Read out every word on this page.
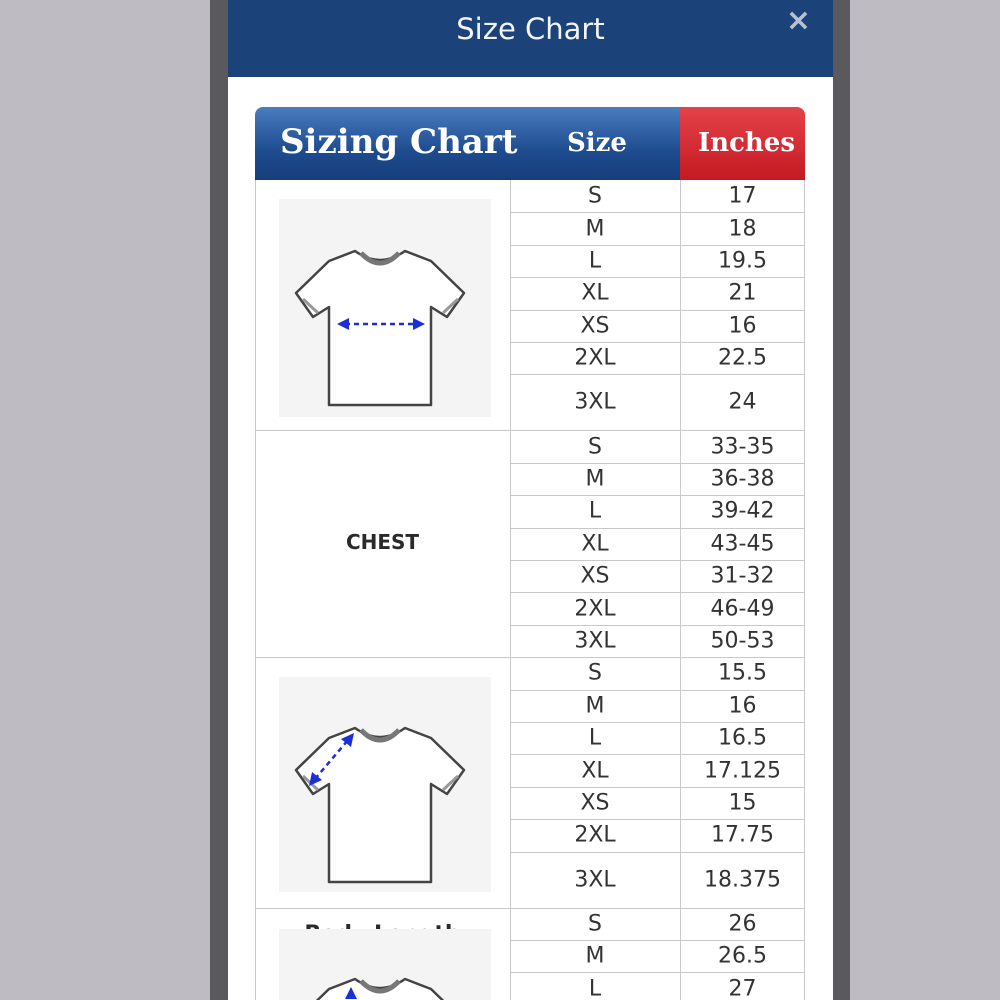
Size Chart	×
Sizing Chart Size	Inches
CHEST
S	17
M	18
L	19.5
XL	21
XS	16
2XL	22.5
3XL	24
S	33-35
M	36-38
L	39-42
XL	43-45
XS	31-32
2XL	46-49
3XL	50-53
S	15.5
M	16
L	16.5
XL	17.125
XS	15
2XL	17.75
3XL	18.375
S	26
M	26.5
L	27
